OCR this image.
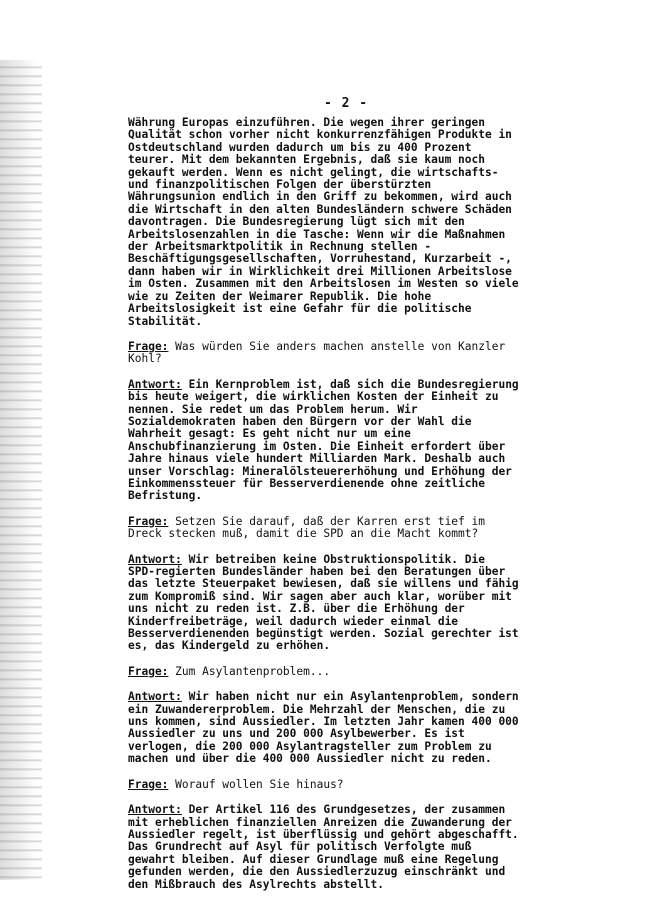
- 2 -
Währung Europas einzuführen. Die wegen ihrer geringen
Qualität schon vorher nicht konkurrenzfähigen Produkte in
Ostdeutschland wurden dadurch um bis zu 400 Prozent
teurer. Mit dem bekannten Ergebnis, daß sie kaum noch
gekauft werden. Wenn es nicht gelingt, die wirtschafts-
und finanzpolitischen Folgen der überstürzten
Währungsunion endlich in den Griff zu bekommen, wird auch
die Wirtschaft in den alten Bundesländern schwere Schäden
davontragen. Die Bundesregierung lügt sich mit den
Arbeitslosenzahlen in die Tasche: Wenn wir die Maßnahmen
der Arbeitsmarktpolitik in Rechnung stellen -
Beschäftigungsgesellschaften, Vorruhestand, Kurzarbeit -,
dann haben wir in Wirklichkeit drei Millionen Arbeitslose
im Osten. Zusammen mit den Arbeitslosen im Westen so viele
wie zu Zeiten der Weimarer Republik. Die hohe
Arbeitslosigkeit ist eine Gefahr für die politische
Stabilität.
Frage: Was würden Sie anders machen anstelle von Kanzler
Kohl?
Antwort: Ein Kernproblem ist, daß sich die Bundesregierung
bis heute weigert, die wirklichen Kosten der Einheit zu
nennen. Sie redet um das Problem herum. Wir
Sozialdemokraten haben den Bürgern vor der Wahl die
Wahrheit gesagt: Es geht nicht nur um eine
Anschubfinanzierung im Osten. Die Einheit erfordert über
Jahre hinaus viele hundert Milliarden Mark. Deshalb auch
unser Vorschlag: Mineralölsteuererhöhung und Erhöhung der
Einkommenssteuer für Besserverdienende ohne zeitliche
Befristung.
Frage: Setzen Sie darauf, daß der Karren erst tief im
Dreck stecken muß, damit die SPD an die Macht kommt?
Antwort: Wir betreiben keine Obstruktionspolitik. Die
SPD-regierten Bundesländer haben bei den Beratungen über
das letzte Steuerpaket bewiesen, daß sie willens und fähig
zum Kompromiß sind. Wir sagen aber auch klar, worüber mit
uns nicht zu reden ist. Z.B. über die Erhöhung der
Kinderfreibeträge, weil dadurch wieder einmal die
Besserverdienenden begünstigt werden. Sozial gerechter ist
es, das Kindergeld zu erhöhen.
Frage: Zum Asylantenproblem...
Antwort: Wir haben nicht nur ein Asylantenproblem, sondern
ein Zuwandererproblem. Die Mehrzahl der Menschen, die zu
uns kommen, sind Aussiedler. Im letzten Jahr kamen 400 000
Aussiedler zu uns und 200 000 Asylbewerber. Es ist
verlogen, die 200 000 Asylantragsteller zum Problem zu
machen und über die 400 000 Aussiedler nicht zu reden.
Frage: Worauf wollen Sie hinaus?
Antwort: Der Artikel 116 des Grundgesetzes, der zusammen
mit erheblichen finanziellen Anreizen die Zuwanderung der
Aussiedler regelt, ist überflüssig und gehört abgeschafft.
Das Grundrecht auf Asyl für politisch Verfolgte muß
gewahrt bleiben. Auf dieser Grundlage muß eine Regelung
gefunden werden, die den Aussiedlerzuzug einschränkt und
den Mißbrauch des Asylrechts abstellt.
